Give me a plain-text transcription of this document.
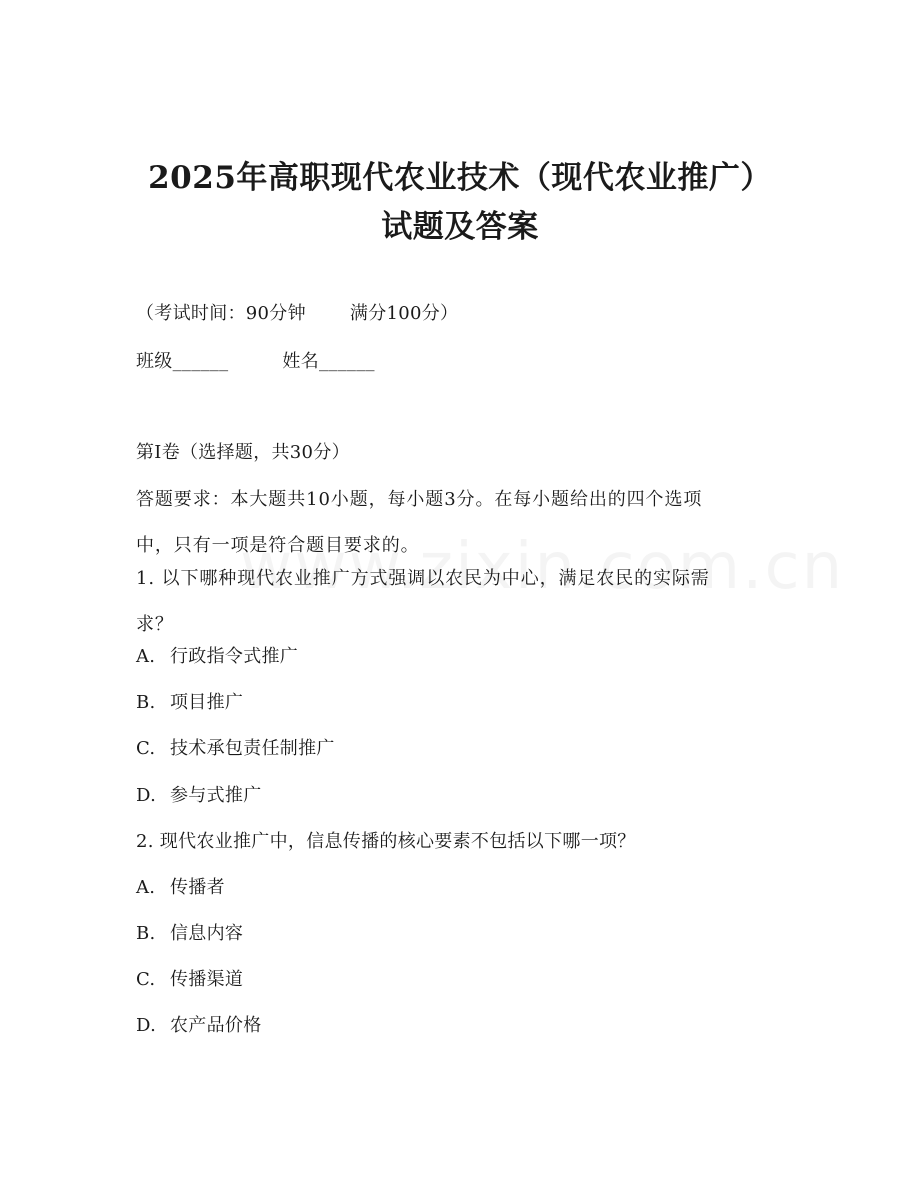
2025年高职现代农业技术（现代农业推广）
试题及答案
（考试时间：90分钟 满分100分）
班级______	姓名______
第Ⅰ卷（选择题，共30分）
答题要求：本大题共10小题，每小题3分。在每小题给出的四个选项
中，只有一项是符合题目要求的。
1. 以下哪种现代农业推广方式强调以农民为中心，满足农民的实际需
求？
A. 行政指令式推广
B. 项目推广
C. 技术承包责任制推广
D. 参与式推广
2. 现代农业推广中，信息传播的核心要素不包括以下哪一项？
A. 传播者
B. 信息内容
C. 传播渠道
D. 农产品价格
